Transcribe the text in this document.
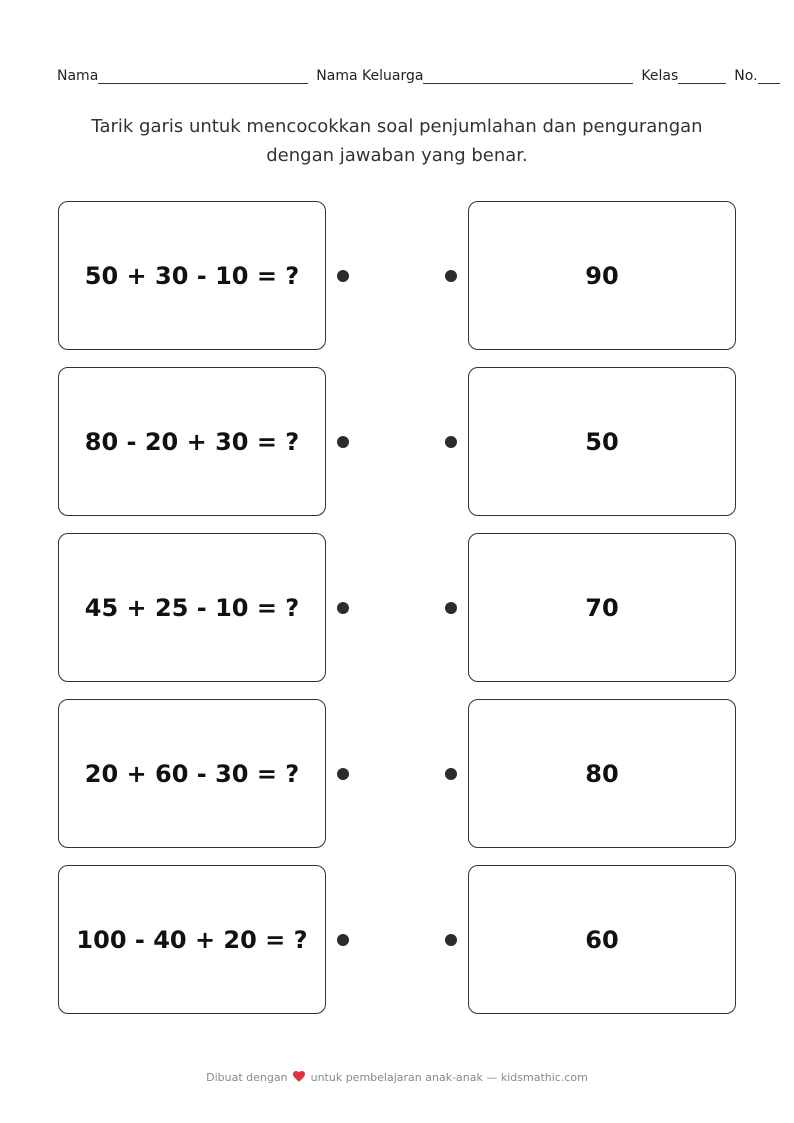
Nama	Nama Keluarga	Kelas	No.
Tarik garis untuk mencocokkan soal penjumlahan dan pengurangan
dengan jawaban yang benar.
50 + 30 - 10 = ?	90
80 - 20 + 30 = ?	50
45 + 25 - 10 = ?	70
20 + 60 - 30 = ?	80
100 - 40 + 20 = ?	60
Dibuat dengan untuk pembelajaran anak-anak — kidsmathic.com
